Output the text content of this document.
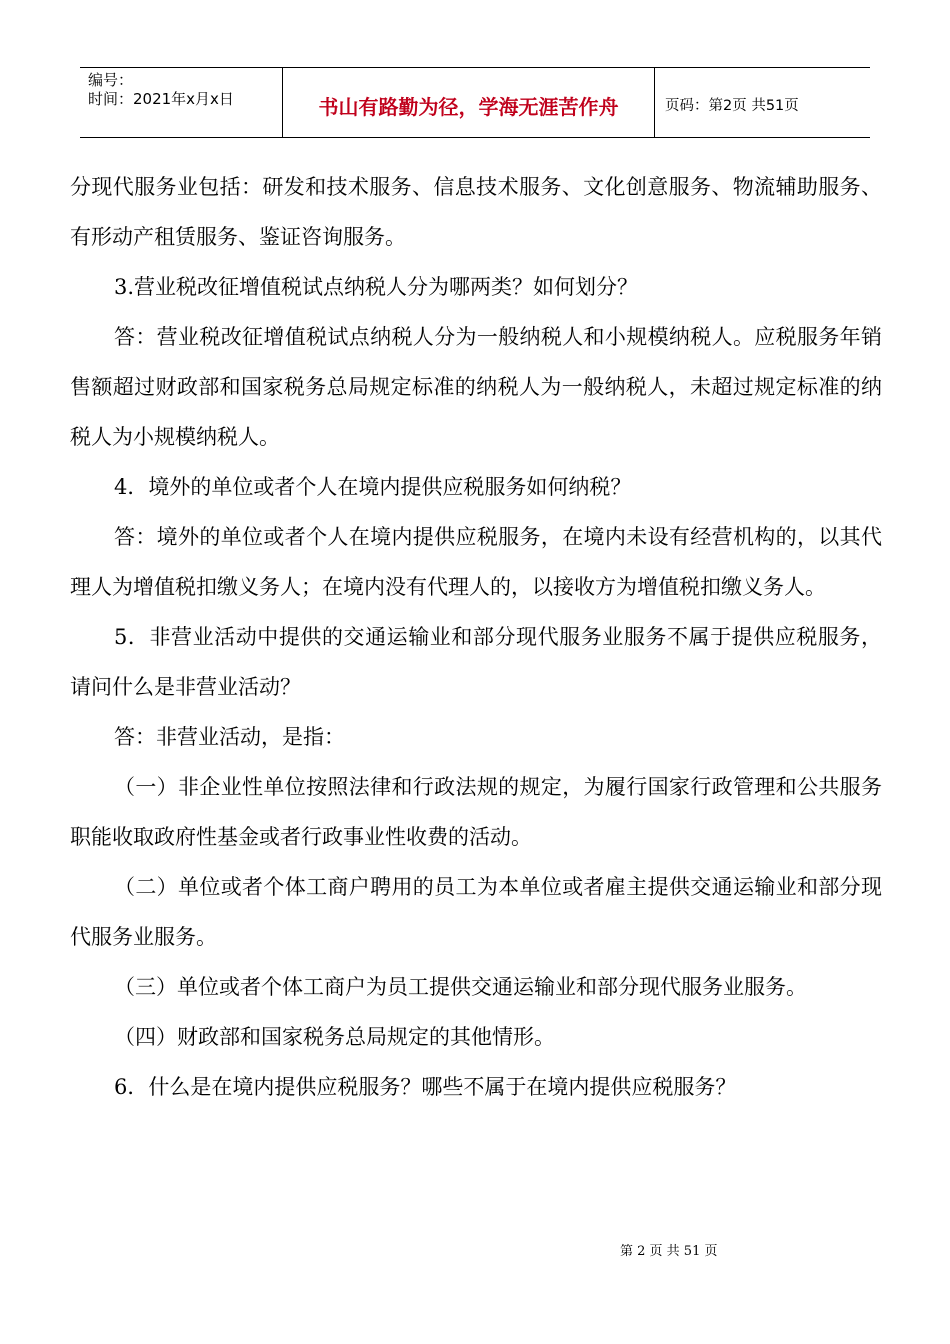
编号：
时间：2021年x月x日	书山有路勤为径，学海无涯苦作舟	页码：第2页 共51页

分现代服务业包括：研发和技术服务、信息技术服务、文化创意服务、物流辅助服务、有形动产租赁服务、鉴证咨询服务。

3.营业税改征增值税试点纳税人分为哪两类？如何划分？

答：营业税改征增值税试点纳税人分为一般纳税人和小规模纳税人。应税服务年销售额超过财政部和国家税务总局规定标准的纳税人为一般纳税人，未超过规定标准的纳税人为小规模纳税人。

4．境外的单位或者个人在境内提供应税服务如何纳税？

答：境外的单位或者个人在境内提供应税服务，在境内未设有经营机构的，以其代理人为增值税扣缴义务人；在境内没有代理人的，以接收方为增值税扣缴义务人。

5．非营业活动中提供的交通运输业和部分现代服务业服务不属于提供应税服务，请问什么是非营业活动？

答：非营业活动，是指：

（一）非企业性单位按照法律和行政法规的规定，为履行国家行政管理和公共服务职能收取政府性基金或者行政事业性收费的活动。

（二）单位或者个体工商户聘用的员工为本单位或者雇主提供交通运输业和部分现代服务业服务。

（三）单位或者个体工商户为员工提供交通运输业和部分现代服务业服务。

（四）财政部和国家税务总局规定的其他情形。

6．什么是在境内提供应税服务？哪些不属于在境内提供应税服务？

第 2 页 共 51 页
